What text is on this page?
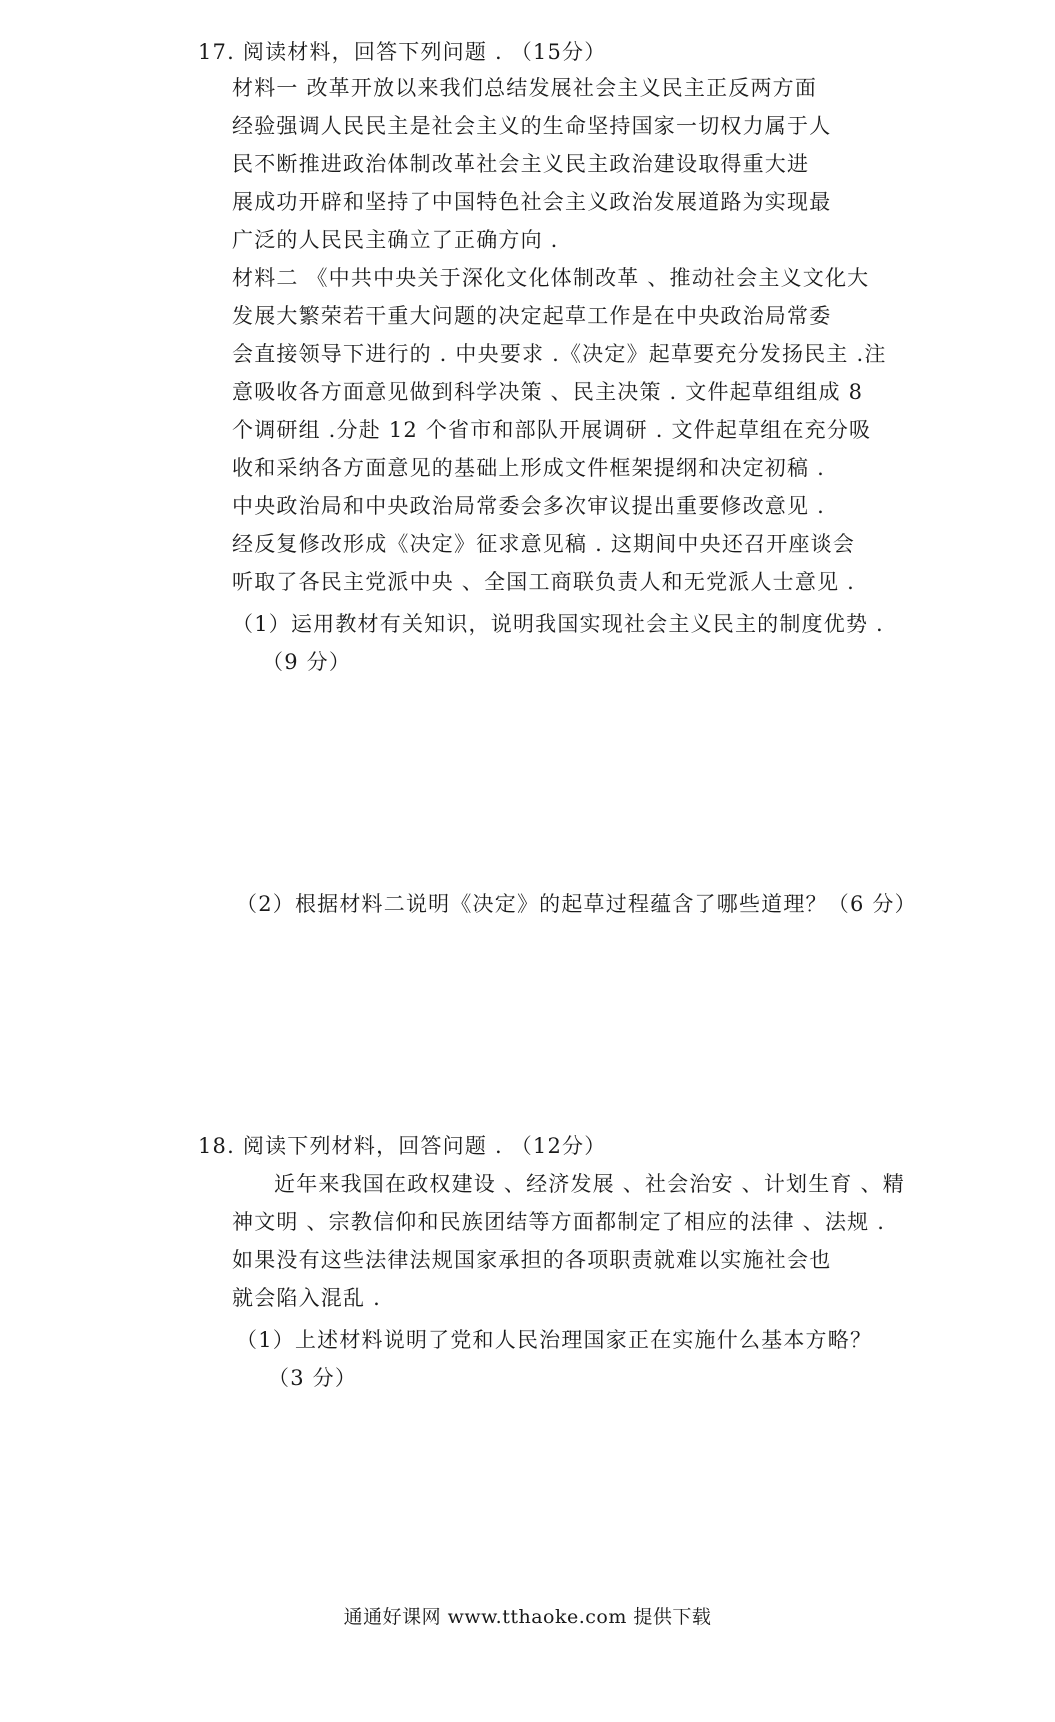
17. 阅读材料，回答下列问题 . （15分）
材料一 改革开放以来我们总结发展社会主义民主正反两方面
经验强调人民民主是社会主义的生命坚持国家一切权力属于人
民不断推进政治体制改革社会主义民主政治建设取得重大进
展成功开辟和坚持了中国特色社会主义政治发展道路为实现最
广泛的人民民主确立了正确方向 .
材料二 《中共中央关于深化文化体制改革 、推动社会主义文化大
发展大繁荣若干重大问题的决定起草工作是在中央政治局常委
会直接领导下进行的 . 中央要求 .《决定》起草要充分发扬民主 .注
意吸收各方面意见做到科学决策 、民主决策 . 文件起草组组成 8
个调研组 .分赴 12 个省市和部队开展调研 . 文件起草组在充分吸
收和采纳各方面意见的基础上形成文件框架提纲和决定初稿 .
中央政治局和中央政治局常委会多次审议提出重要修改意见 .
经反复修改形成《决定》征求意见稿 . 这期间中央还召开座谈会
听取了各民主党派中央 、全国工商联负责人和无党派人士意见 .
（1）运用教材有关知识，说明我国实现社会主义民主的制度优势 .
（9 分）
（2）根据材料二说明《决定》的起草过程蕴含了哪些道理？（6 分）
18. 阅读下列材料，回答问题 . （12分）
近年来我国在政权建设 、经济发展 、社会治安 、计划生育 、精
神文明 、宗教信仰和民族团结等方面都制定了相应的法律 、法规 .
如果没有这些法律法规国家承担的各项职责就难以实施社会也
就会陷入混乱 .
（1）上述材料说明了党和人民治理国家正在实施什么基本方略？
（3 分）
通通好课网 www.tthaoke.com 提供下载
